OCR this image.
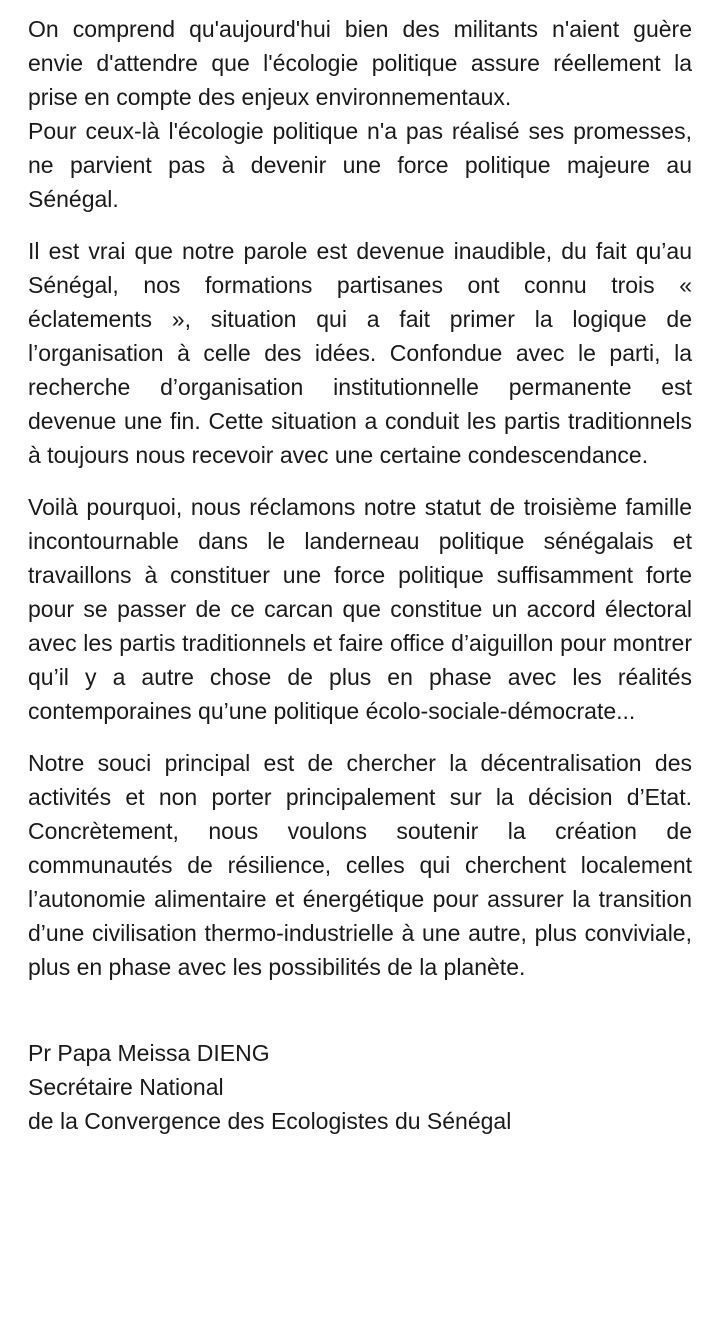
On comprend qu'aujourd'hui bien des militants n'aient guère envie d'attendre que l'écologie politique assure réellement la prise en compte des enjeux environnementaux.
Pour ceux-là l'écologie politique n'a pas réalisé ses promesses, ne parvient pas à devenir une force politique majeure au Sénégal.

Il est vrai que notre parole est devenue inaudible, du fait qu’au Sénégal, nos formations partisanes ont connu trois « éclatements », situation qui a fait primer la logique de l’organisation à celle des idées. Confondue avec le parti, la recherche d’organisation institutionnelle permanente est devenue une fin. Cette situation a conduit les partis traditionnels à toujours nous recevoir avec une certaine condescendance.

Voilà pourquoi, nous réclamons notre statut de troisième famille incontournable dans le landerneau politique sénégalais et travaillons à constituer une force politique suffisamment forte pour se passer de ce carcan que constitue un accord électoral avec les partis traditionnels et faire office d’aiguillon pour montrer qu’il y a autre chose de plus en phase avec les réalités contemporaines qu’une politique écolo-sociale-démocrate...

Notre souci principal est de chercher la décentralisation des activités et non porter principalement sur la décision d’Etat. Concrètement, nous voulons soutenir la création de communautés de résilience, celles qui cherchent localement l’autonomie alimentaire et énergétique pour assurer la transition d’une civilisation thermo-industrielle à une autre, plus conviviale, plus en phase avec les possibilités de la planète.

Pr Papa Meissa DIENG
Secrétaire National
de la Convergence des Ecologistes du Sénégal
